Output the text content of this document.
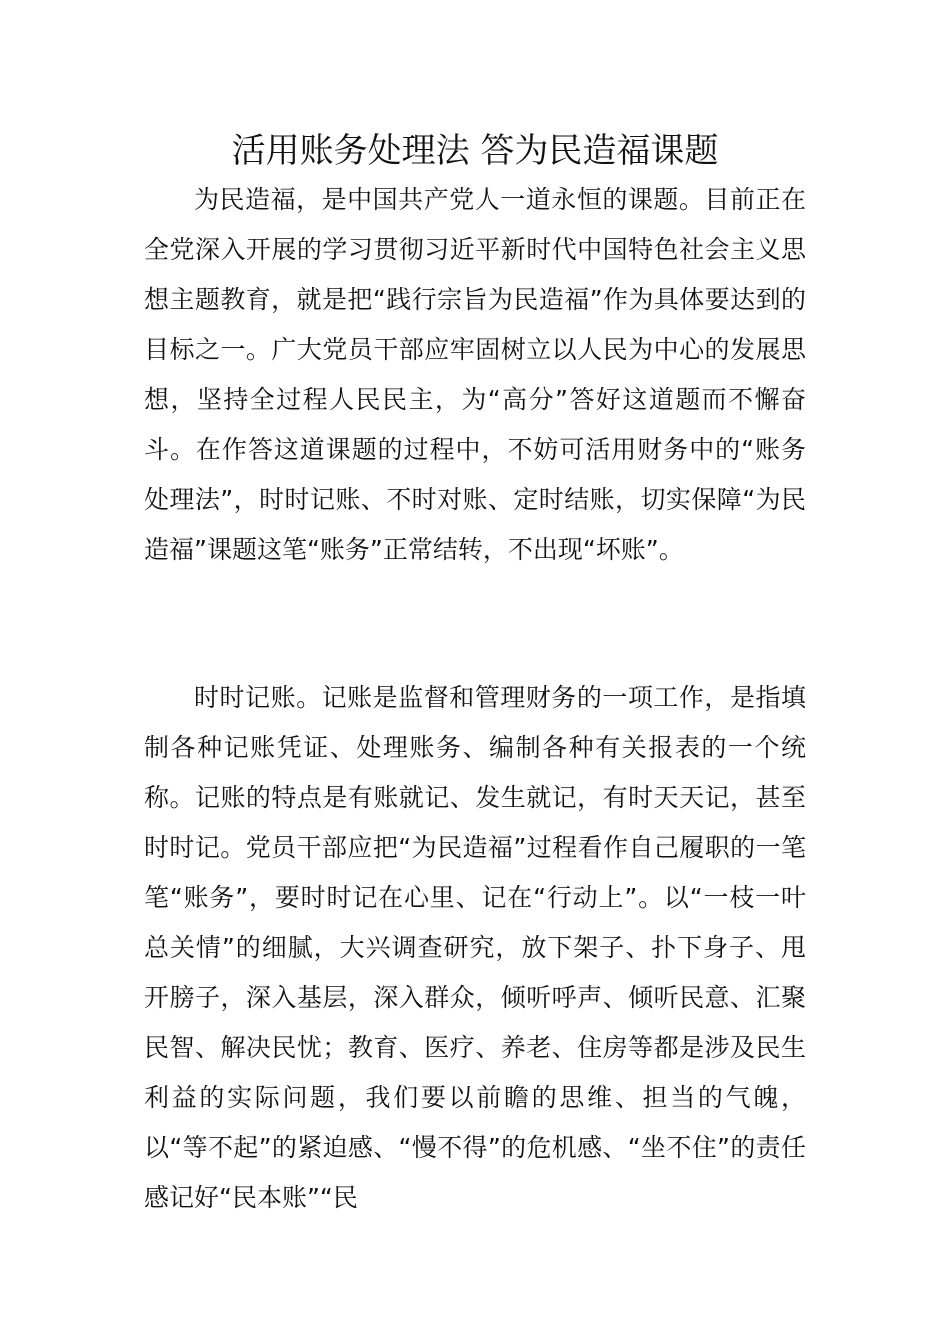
活用账务处理法 答为民造福课题

为民造福，是中国共产党人一道永恒的课题。目前正在全党深入开展的学习贯彻习近平新时代中国特色社会主义思想主题教育，就是把“践行宗旨为民造福”作为具体要达到的目标之一。广大党员干部应牢固树立以人民为中心的发展思想，坚持全过程人民民主，为“高分”答好这道题而不懈奋斗。在作答这道课题的过程中，不妨可活用财务中的“账务处理法”，时时记账、不时对账、定时结账，切实保障“为民造福”课题这笔“账务”正常结转，不出现“坏账”。

时时记账。记账是监督和管理财务的一项工作，是指填制各种记账凭证、处理账务、编制各种有关报表的一个统称。记账的特点是有账就记、发生就记，有时天天记，甚至时时记。党员干部应把“为民造福”过程看作自己履职的一笔笔“账务”，要时时记在心里、记在“行动上”。以“一枝一叶总关情”的细腻，大兴调查研究，放下架子、扑下身子、甩开膀子，深入基层，深入群众，倾听呼声、倾听民意、汇聚民智、解决民忧；教育、医疗、养老、住房等都是涉及民生利益的实际问题，我们要以前瞻的思维、担当的气魄，以“等不起”的紧迫感、“慢不得”的危机感、“坐不住”的责任感记好“民本账”“民
